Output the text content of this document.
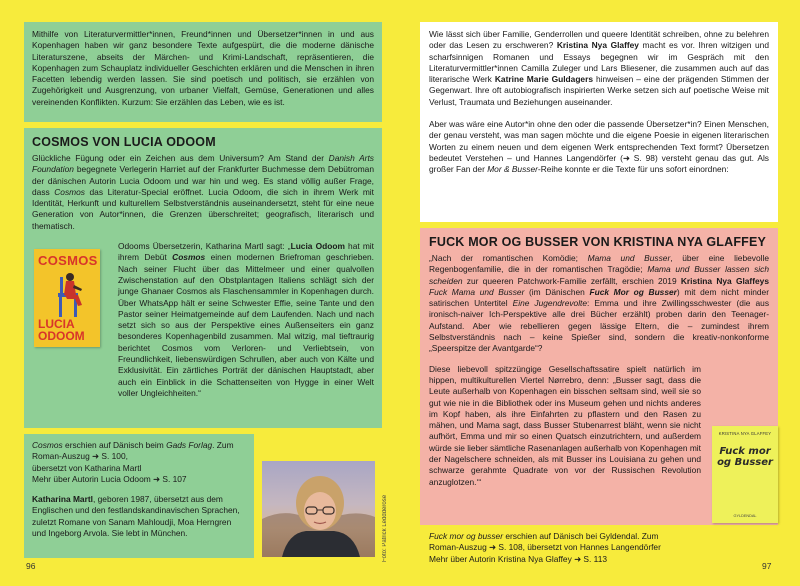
Mithilfe von Literaturvermittler*innen, Freund*innen und Übersetzer*innen in und aus Kopenhagen haben wir ganz besondere Texte aufgespürt, die die moderne dänische Literaturszene, abseits der Märchen- und Krimi-Landschaft, repräsentieren, die Kopenhagen zum Schauplatz individueller Geschichten erklären und die Menschen in ihren Facetten lebendig werden lassen. Sie sind poetisch und politisch, sie erzählen von Zugehörigkeit und Ausgrenzung, von urbaner Vielfalt, Gemüse, Generationen und alles vereinenden Konflikten. Kurzum: Sie erzählen das Leben, wie es ist.

COSMOS VON LUCIA ODOOM

Glückliche Fügung oder ein Zeichen aus dem Universum? Am Stand der Danish Arts Foundation begegnete Verlegerin Harriet auf der Frankfurter Buchmesse dem Debütroman der dänischen Autorin Lucia Odoom und war hin und weg. Es stand völlig außer Frage, dass Cosmos das Literatur-Special eröffnet. Lucia Odoom, die sich in ihrem Werk mit Identität, Herkunft und kulturellem Selbstverständnis auseinandersetzt, steht für eine neue Generation von Autor*innen, die Grenzen überschreitet; geografisch, literarisch und thematisch.

Odooms Übersetzerin, Katharina Martl sagt: „Lucia Odoom hat mit ihrem Debüt Cosmos einen modernen Briefroman geschrieben. Nach seiner Flucht über das Mittelmeer und einer qualvollen Zwischenstation auf den Obstplantagen Italiens schlägt sich der junge Ghanaer Cosmos als Flaschensammler in Kopenhagen durch. Über WhatsApp hält er seine Schwester Effie, seine Tante und den Pastor seiner Heimatgemeinde auf dem Laufenden. Nach und nach setzt sich so aus der Perspektive eines Außenseiters ein ganz besonderes Kopenhagenbild zusammen. Mal witzig, mal tieftraurig berichtet Cosmos vom Verloren- und Verliebtsein, von Freundlichkeit, liebenswürdigen Schrullen, aber auch von Kälte und Exklusivität. Ein zärtliches Porträt der dänischen Hauptstadt, aber auch ein Einblick in die Schattenseiten von Hygge in einer Welt voller Ungleichheiten.“

COSMOS
LUCIA ODOOM

Cosmos erschien auf Dänisch beim Gads Forlag. Zum Roman-Auszug ➜ S. 100,

übersetzt von Katharina Martl

Mehr über Autorin Lucia Odoom ➜ S. 107

Katharina Martl, geboren 1987, übersetzt aus dem Englischen und den festlandskandinavischen Sprachen, zuletzt Romane von Sanam Mahloudji, Moa Herngren und Ingeborg Arvola. Sie lebt in München.	Foto: Patrick Leddderose
96

Wie lässt sich über Familie, Genderrollen und queere Identität schreiben, ohne zu belehren oder das Lesen zu erschweren? Kristina Nya Glaffey macht es vor. Ihren witzigen und scharfsinnigen Romanen und Essays begegnen wir im Gespräch mit den Literaturvermittler*innen Camilla Zuleger und Lars Bliesener, die zusammen auch auf das literarische Werk Katrine Marie Guldagers hinweisen – eine der prägenden Stimmen der Gegenwart. Ihre oft autobiografisch inspirierten Werke setzen sich auf poetische Weise mit Verlust, Traumata und Beziehungen auseinander.

Aber was wäre eine Autor*in ohne den oder die passende Übersetzer*in? Einen Menschen, der genau versteht, was man sagen möchte und die eigene Poesie in eigenen literarischen Worten zu einem neuen und dem eigenen Werk entsprechenden Text formt? Übersetzen bedeutet Verstehen – und Hannes Langendörfer (➜ S. 98) versteht genau das gut. Als großer Fan der Mor & Busser-Reihe konnte er die Texte für uns sofort einordnen:

FUCK MOR OG BUSSER VON KRISTINA NYA GLAFFEY

„Nach der romantischen Komödie; Mama und Busser, über eine liebevolle Regenbogenfamilie, die in der romantischen Tragödie; Mama und Busser lassen sich scheiden zur queeren Patchwork-Familie zerfällt, erschien 2019 Kristina Nya Glaffeys Fuck Mama und Busser (im Dänischen Fuck Mor og Busser) mit dem nicht minder satirischen Untertitel Eine Jugendrevolte: Emma und ihre Zwillingsschwester (die aus ironisch-naiver Ich-Perspektive alle drei Bücher erzählt) proben darin den Teenager-Aufstand. Aber wie rebellieren gegen lässige Eltern, die – zumindest ihrem Selbstverständnis nach – keine Spießer sind, sondern die kreativ-nonkonforme „Speerspitze der Avantgarde“?

Diese liebevoll spitzzüngige Gesellschaftssatire spielt natürlich im hippen, multikulturellen Viertel Nørrebro, denn: „Busser sagt, dass die Leute außerhalb von Kopenhagen ein bisschen seltsam sind, weil sie so gut wie nie in die Bibliothek oder ins Museum gehen und nichts anderes im Kopf haben, als ihre Einfahrten zu pflastern und den Rasen zu mähen, und Mama sagt, dass Busser Stubenarrest bläht, wenn sie nicht aufhört, Emma und mir so einen Quatsch einzutrichtern, und außerdem würde sie lieber sämtliche Rasenanlagen außerhalb von Kopenhagen mit der Nagelschere schneiden, als mit Busser ins Louisiana zu gehen und schwarze gerahmte Quadrate von vor der Russischen Revolution anzuglotzen.‘“

KRISTINA NYA GLAFFEY
Fuck mor og Busser
GYLDENDAL

Fuck mor og busser erschien auf Dänisch bei Gyldendal. Zum

Roman-Auszug ➜ S. 108, übersetzt von Hannes Langendörfer

Mehr über Autorin Kristina Nya Glaffey ➜ S. 113

97
